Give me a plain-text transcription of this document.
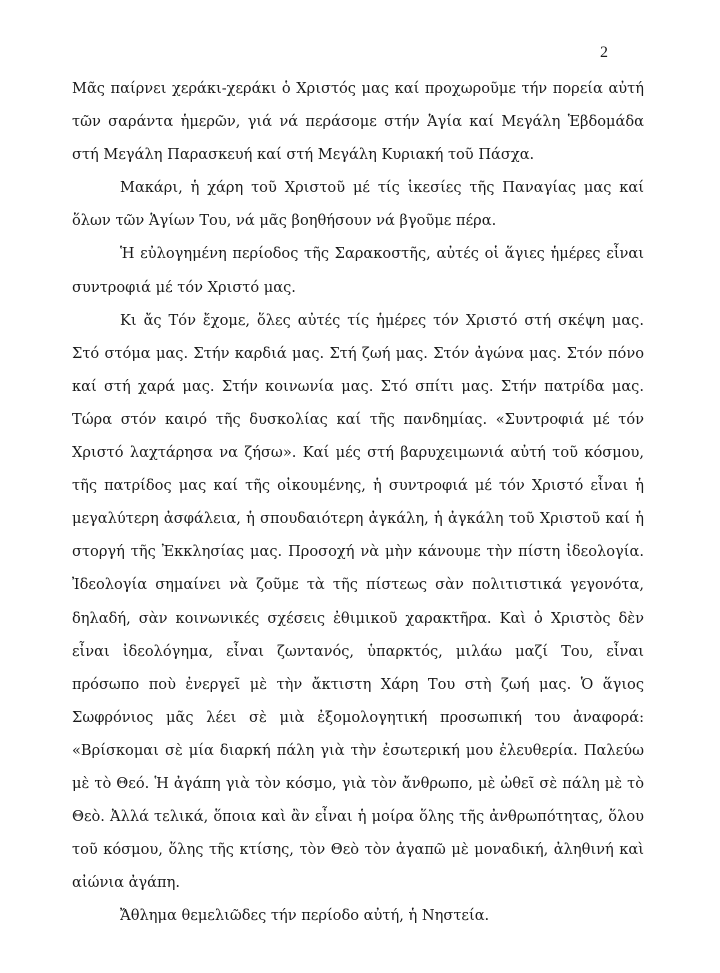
2

Μᾶς παίρνει χεράκι-χεράκι ὁ Χριστός μας καί προχωροῦμε τήν πορεία αὐτή τῶν σαράντα ἡμερῶν, γιά νά περάσομε στήν Ἁγία καί Μεγάλη Ἑβδομάδα στή Μεγάλη Παρασκευή καί στή Μεγάλη Κυριακή τοῦ Πάσχα.

Μακάρι, ἡ χάρη τοῦ Χριστοῦ μέ τίς ἱκεσίες τῆς Παναγίας μας καί ὅλων τῶν Ἁγίων Του, νά μᾶς βοηθήσουν νά βγοῦμε πέρα.

Ἡ εὐλογημένη περίοδος τῆς Σαρακοστῆς, αὐτές οἱ ἅγιες ἡμέρες εἶναι συντροφιά μέ τόν Χριστό μας.

Κι ἄς Τόν ἔχομε, ὅλες αὐτές τίς ἡμέρες τόν Χριστό στή σκέψη μας. Στό στόμα μας. Στήν καρδιά μας. Στή ζωή μας. Στόν ἀγώνα μας. Στόν πόνο καί στή χαρά μας. Στήν κοινωνία μας. Στό σπίτι μας. Στήν πατρίδα μας. Τώρα στόν καιρό τῆς δυσκολίας καί τῆς πανδημίας. «Συντροφιά μέ τόν Χριστό λαχτάρησα να ζήσω». Καί μές στή βαρυχειμωνιά αὐτή τοῦ κόσμου, τῆς πατρίδος μας καί τῆς οἰκουμένης, ἡ συντροφιά μέ τόν Χριστό εἶναι ἡ μεγαλύτερη ἀσφάλεια, ἡ σπουδαιότερη ἀγκάλη, ἡ ἀγκάλη τοῦ Χριστοῦ καί ἡ στοργή τῆς Ἐκκλησίας μας. Προσοχή νὰ μὴν κάνουμε τὴν πίστη ἰδεολογία. Ἰδεολογία σημαίνει νὰ ζοῦμε τὰ τῆς πίστεως σὰν πολιτιστικά γεγονότα, δηλαδή, σὰν κοινωνικές σχέσεις ἐθιμικοῦ χαρακτῆρα. Καὶ ὁ Χριστὸς δὲν εἶναι ἰδεολόγημα, εἶναι ζωντανός, ὑπαρκτός, μιλάω μαζί Του, εἶναι πρόσωπο ποὺ ἐνεργεῖ μὲ τὴν ἄκτιστη Χάρη Του στὴ ζωή μας. Ὁ ἅγιος Σωφρόνιος μᾶς λέει σὲ μιὰ ἐξομολογητική προσωπική του ἀναφορά: «Βρίσκομαι σὲ μία διαρκή πάλη γιὰ τὴν ἐσωτερική μου ἐλευθερία. Παλεύω μὲ τὸ Θεό. Ἡ ἀγάπη γιὰ τὸν κόσμο, γιὰ τὸν ἄνθρωπο, μὲ ὠθεῖ σὲ πάλη μὲ τὸ Θεὸ. Ἀλλά τελικά, ὅποια καὶ ἂν εἶναι ἡ μοίρα ὅλης τῆς ἀνθρωπότητας, ὅλου τοῦ κόσμου, ὅλης τῆς κτίσης, τὸν Θεὸ τὸν ἀγαπῶ μὲ μοναδική, ἀληθινή καὶ αἰώνια ἀγάπη.

Ἄθλημα θεμελιῶδες τήν περίοδο αὐτή, ἡ Νηστεία.
